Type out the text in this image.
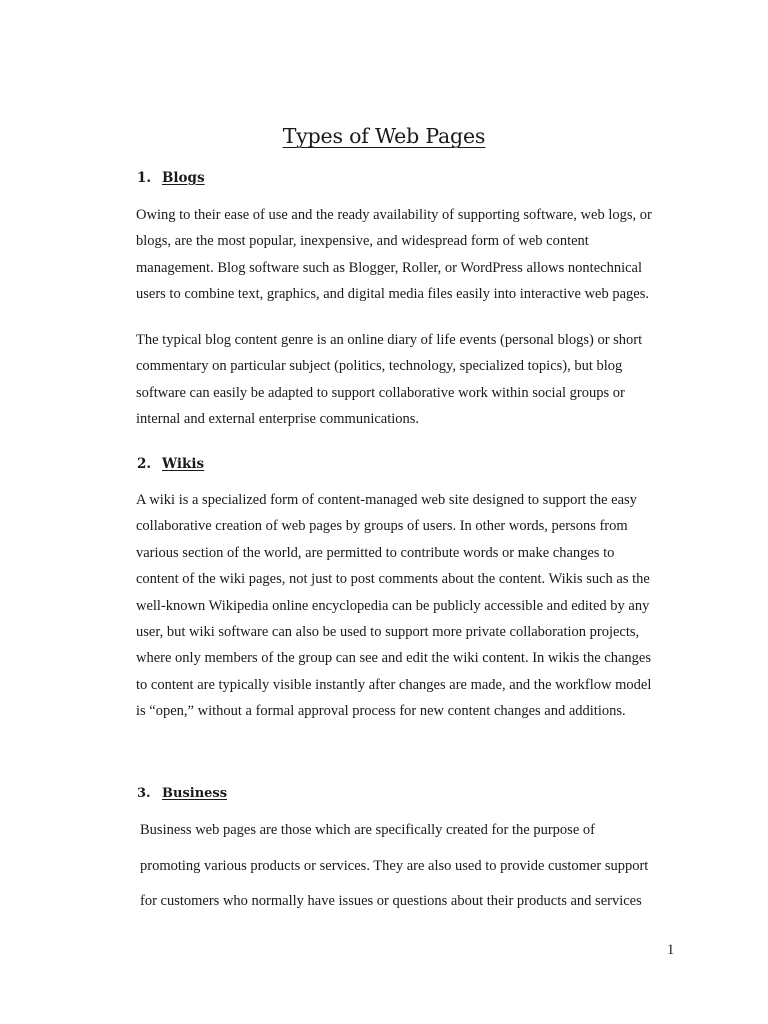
Types of Web Pages
1. Blogs

Owing to their ease of use and the ready availability of supporting software, web logs, or
blogs, are the most popular, inexpensive, and widespread form of web content
management. Blog software such as Blogger, Roller, or WordPress allows nontechnical
users to combine text, graphics, and digital media files easily into interactive web pages.

The typical blog content genre is an online diary of life events (personal blogs) or short
commentary on particular subject (politics, technology, specialized topics), but blog
software can easily be adapted to support collaborative work within social groups or
internal and external enterprise communications.

2. Wikis

A wiki is a specialized form of content-managed web site designed to support the easy
collaborative creation of web pages by groups of users. In other words, persons from
various section of the world, are permitted to contribute words or make changes to
content of the wiki pages, not just to post comments about the content. Wikis such as the
well-known Wikipedia online encyclopedia can be publicly accessible and edited by any
user, but wiki software can also be used to support more private collaboration projects,
where only members of the group can see and edit the wiki content. In wikis the changes
to content are typically visible instantly after changes are made, and the workflow model
is “open,” without a formal approval process for new content changes and additions.

3. Business

Business web pages are those which are specifically created for the purpose of
promoting various products or services. They are also used to provide customer support
for customers who normally have issues or questions about their products and services

1
